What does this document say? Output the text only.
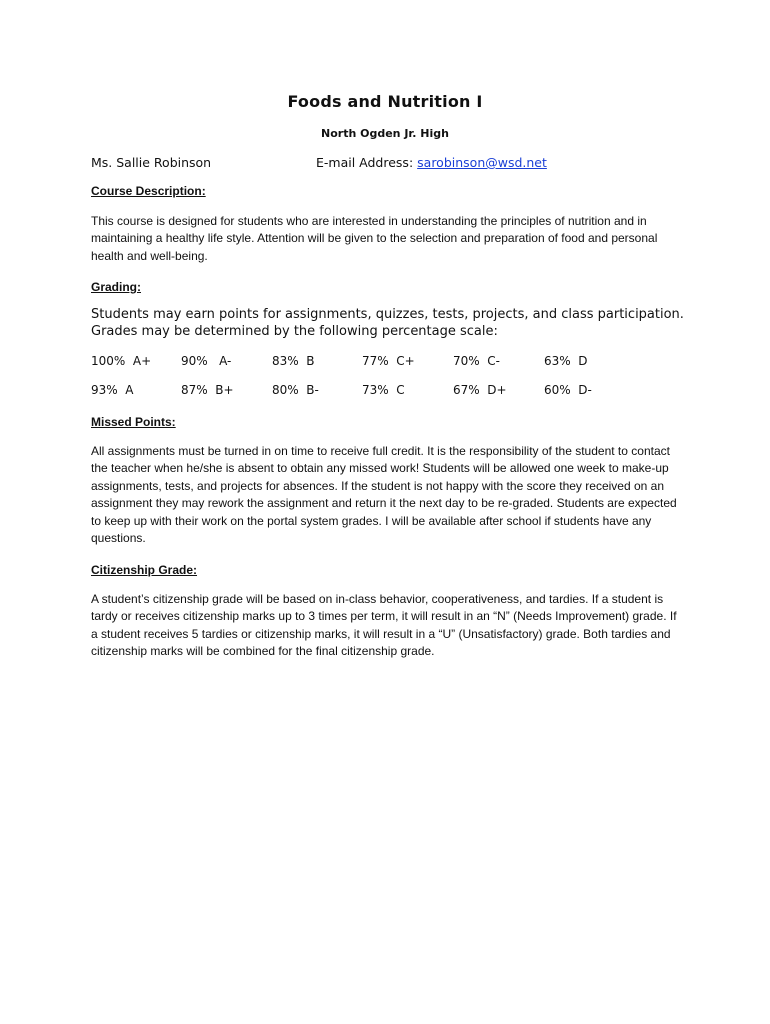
Foods and Nutrition I
North Ogden Jr. High
Ms. Sallie Robinson	E-mail Address: sarobinson@wsd.net
Course Description:
This course is designed for students who are interested in understanding the principles of nutrition and in maintaining a healthy life style. Attention will be given to the selection and preparation of food and personal health and well-being.
Grading:
Students may earn points for assignments, quizzes, tests, projects, and class participation. Grades may be determined by the following percentage scale:
100%  A+ 90%   A-	83%  B	77%  C+	70%  C-	63%  D
93%  A	87%  B+	80%  B-	73%  C	67%  D+	60%  D-
Missed Points:
All assignments must be turned in on time to receive full credit. It is the responsibility of the student to contact the teacher when he/she is absent to obtain any missed work! Students will be allowed one week to make-up assignments, tests, and projects for absences. If the student is not happy with the score they received on an assignment they may rework the assignment and return it the next day to be re-graded. Students are expected to keep up with their work on the portal system grades. I will be available after school if students have any questions.
Citizenship Grade:
A student’s citizenship grade will be based on in-class behavior, cooperativeness, and tardies. If a student is tardy or receives citizenship marks up to 3 times per term, it will result in an “N” (Needs Improvement) grade. If a student receives 5 tardies or citizenship marks, it will result in a “U” (Unsatisfactory) grade. Both tardies and citizenship marks will be combined for the final citizenship grade.
